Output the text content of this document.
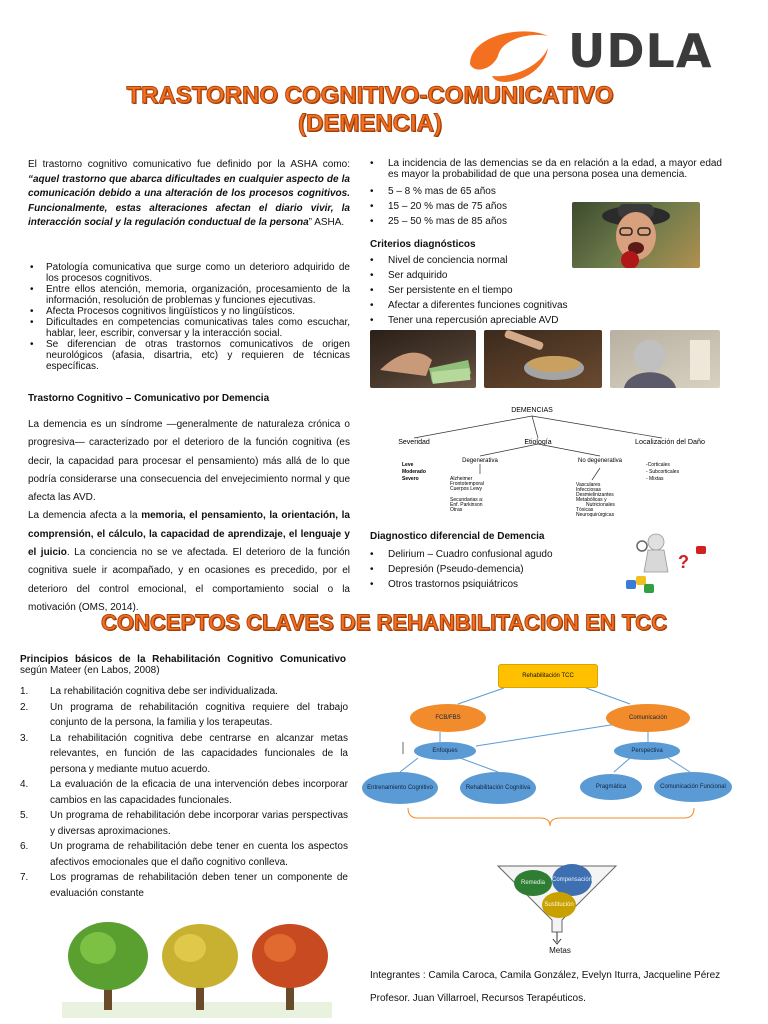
UDLA
TRASTORNO COGNITIVO-COMUNICATIVO
(DEMENCIA)
El trastorno cognitivo comunicativo fue definido por la ASHA como: “aquel trastorno que abarca dificultades en cualquier aspecto de la comunicación debido a una alteración de los procesos cognitivos. Funcionalmente, estas alteraciones afectan el diario vivir, la interacción social y la regulación conductual de la persona” ASHA.
• Patología comunicativa que surge como un deterioro adquirido de los procesos cognitivos.
• Entre ellos atención, memoria, organización, procesamiento de la información, resolución de problemas y funciones ejecutivas.
• Afecta Procesos cognitivos lingüísticos y no lingüísticos.
• Dificultades en competencias comunicativas tales como escuchar, hablar, leer, escribir, conversar y la interacción social.
• Se diferencian de otras trastornos comunicativos de origen neurológicos (afasia, disartria, etc) y requieren de técnicas específicas.
Trastorno Cognitivo – Comunicativo por Demencia
La demencia es un síndrome —generalmente de naturaleza crónica o progresiva— caracterizado por el deterioro de la función cognitiva (es decir, la capacidad para procesar el pensamiento) más allá de lo que podría considerarse una consecuencia del envejecimiento normal y que afecta las AVD.
La demencia afecta a la memoria, el pensamiento, la orientación, la comprensión, el cálculo, la capacidad de aprendizaje, el lenguaje y el juicio. La conciencia no se ve afectada. El deterioro de la función cognitiva suele ir acompañado, y en ocasiones es precedido, por el deterioro del control emocional, el comportamiento social o la motivación (OMS, 2014).
• La incidencia de las demencias se da en relación a la edad, a mayor edad es mayor la probabilidad de que una persona posea una demencia.
• 5 – 8 % mas de 65 años
• 15 – 20 % mas de 75 años
• 25 – 50 % mas de 85 años
Criterios diagnósticos
• Nivel de conciencia normal
• Ser adquirido
• Ser persistente en el tiempo
• Afectar a diferentes funciones cognitivas
• Tener una repercusión apreciable AVD
DEMENCIAS
Severidad	Etiología	Localización del Daño
Leve
Moderado
Severo
Degenerativa	No degenerativa
Alzheimer
Frontotemporal
Cuerpos Lewy
Secundarias a:
Enf. Parkinson
Otras
Vasculares
Infecciosas
Desmielinizantes
Metabólicas y
Nutricionales
Tóxicas
Neuroquirúrgicas
-Corticales
- Subcorticales
- Mixtas
Diagnostico diferencial de Demencia
• Delirium – Cuadro confusional agudo
• Depresión (Pseudo-demencia)
• Otros trastornos psiquiátricos
?
CONCEPTOS CLAVES DE REHANBILITACION EN TCC
Principios básicos de la Rehabilitación Cognitivo Comunicativo según Mateer (en Labos, 2008)
1. La rehabilitación cognitiva debe ser individualizada.
2. Un programa de rehabilitación cognitiva requiere del trabajo conjunto de la persona, la familia y los terapeutas.
3. La rehabilitación cognitiva debe centrarse en alcanzar metas relevantes, en función de las capacidades funcionales de la persona y mediante mutuo acuerdo.
4. La evaluación de la eficacia de una intervención debes incorporar cambios en las capacidades funcionales.
5. Un programa de rehabilitación debe incorporar varias perspectivas y diversas aproximaciones.
6. Un programa de rehabilitación debe tener en cuenta los aspectos afectivos emocionales que el daño cognitivo conlleva.
7. Los programas de rehabilitación deben tener un componente de evaluación constante
Rehabilitación TCC
FCB/FBS	Comunicación
Enfoques	Perspectiva
Entrenamiento Cognitivo	Rehabilitación Cognitiva	Pragmática	Comunicación Funcional
Remedia	Compensación
Sustitución
Metas
Integrantes : Camila Caroca, Camila González, Evelyn Iturra, Jacqueline Pérez
Profesor. Juan Villarroel, Recursos Terapéuticos.
